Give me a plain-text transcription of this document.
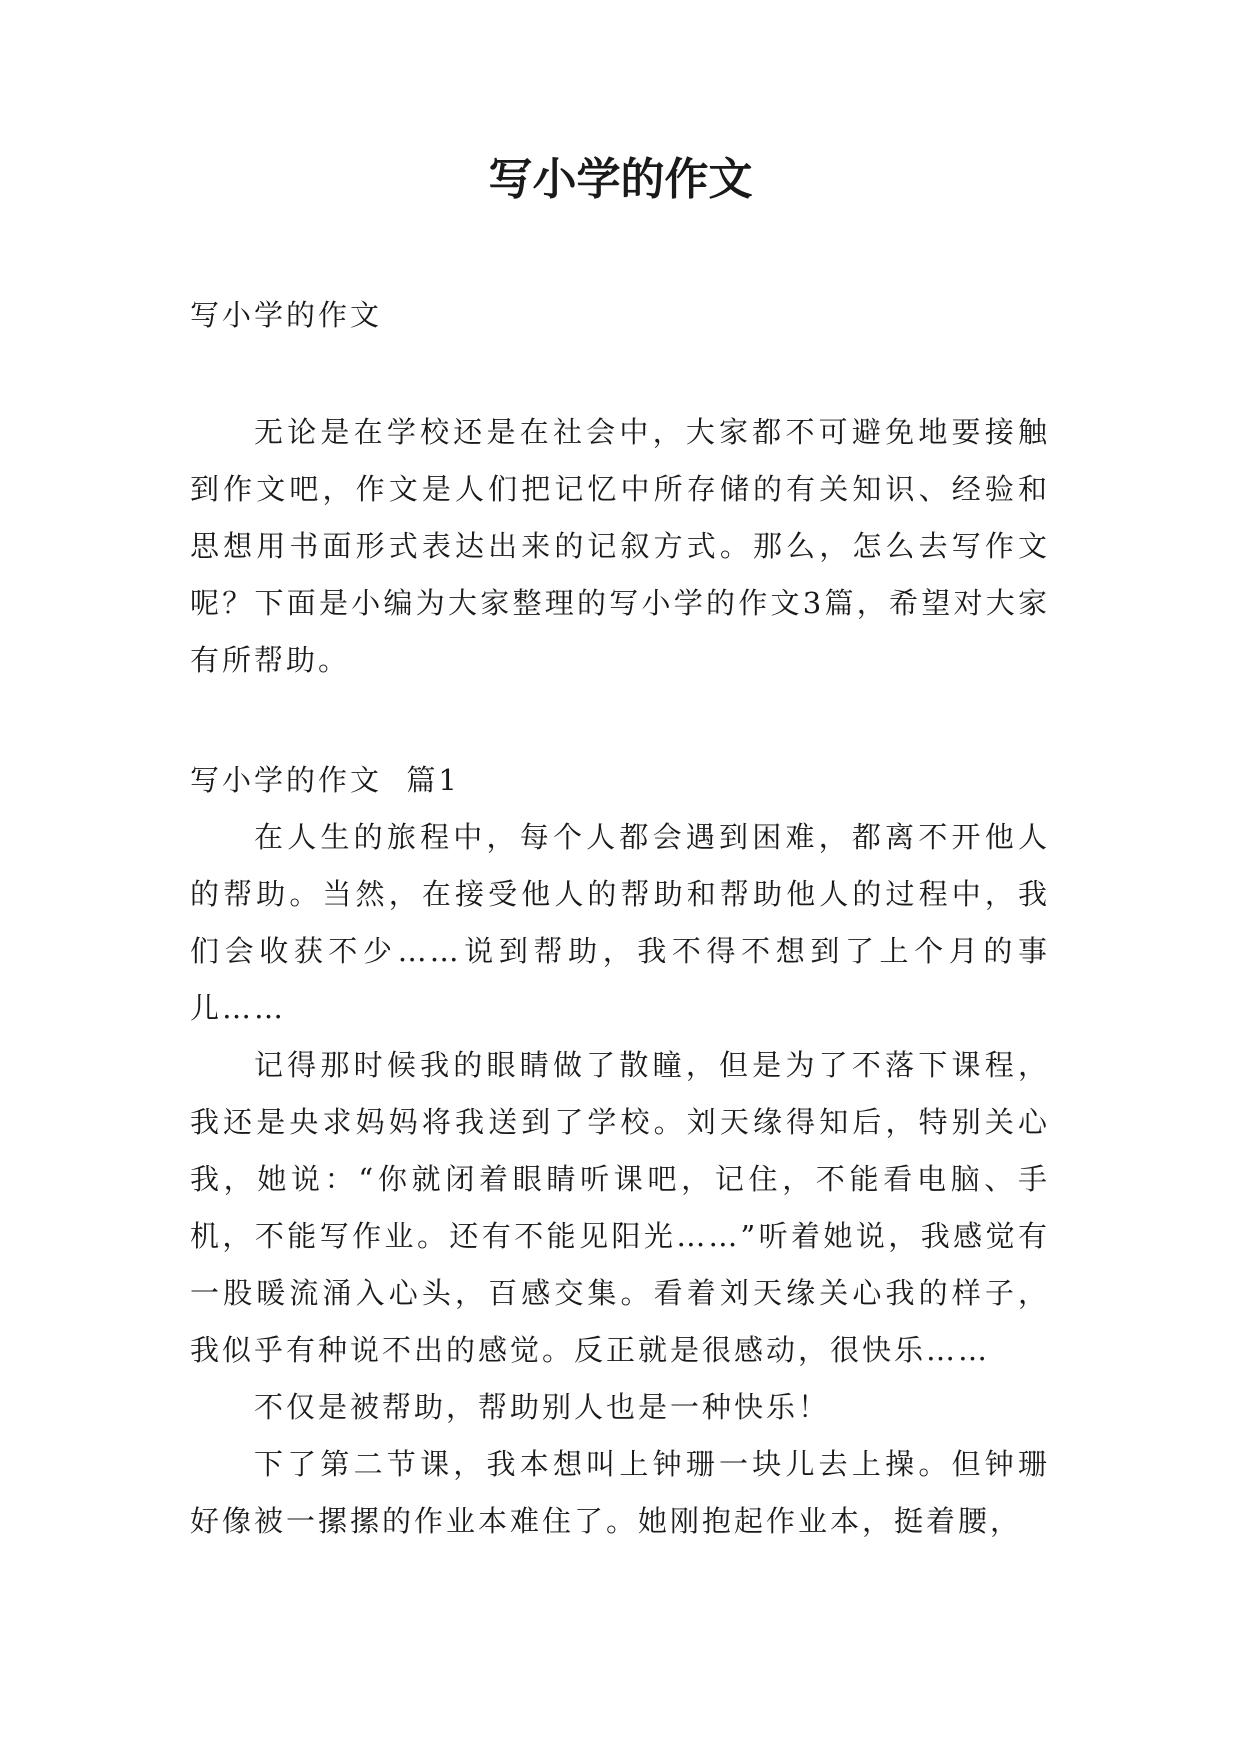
写小学的作文

写小学的作文

无论是在学校还是在社会中，大家都不可避免地要接触到作文吧，作文是人们把记忆中所存储的有关知识、经验和思想用书面形式表达出来的记叙方式。那么，怎么去写作文呢？下面是小编为大家整理的写小学的作文3篇，希望对大家有所帮助。

写小学的作文  篇1

在人生的旅程中，每个人都会遇到困难，都离不开他人的帮助。当然，在接受他人的帮助和帮助他人的过程中，我们会收获不少……说到帮助，我不得不想到了上个月的事儿……

记得那时候我的眼睛做了散瞳，但是为了不落下课程，我还是央求妈妈将我送到了学校。刘天缘得知后，特别关心我，她说：“你就闭着眼睛听课吧，记住，不能看电脑、手机，不能写作业。还有不能见阳光……”听着她说，我感觉有一股暖流涌入心头，百感交集。看着刘天缘关心我的样子，我似乎有种说不出的感觉。反正就是很感动，很快乐……

不仅是被帮助，帮助别人也是一种快乐！

下了第二节课，我本想叫上钟珊一块儿去上操。但钟珊好像被一摞摞的作业本难住了。她刚抱起作业本，挺着腰，
